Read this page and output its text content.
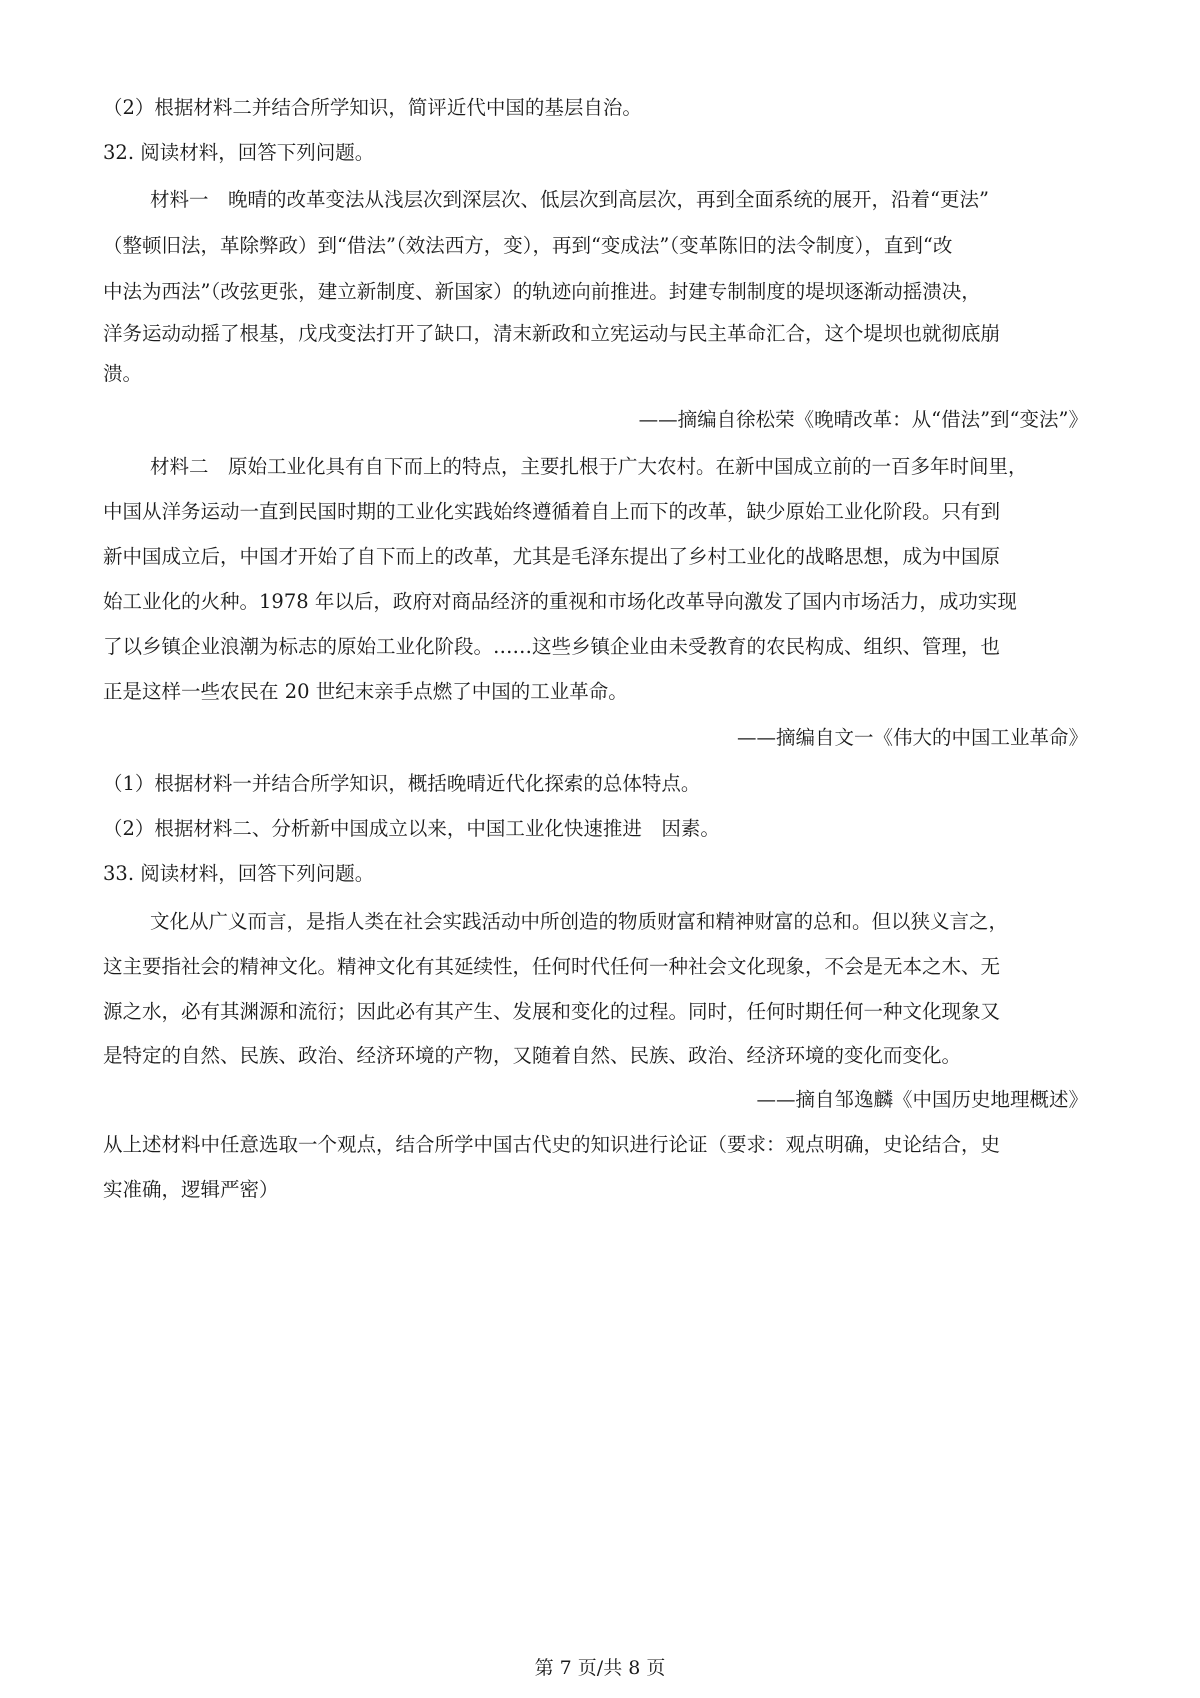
（2）根据材料二并结合所学知识，简评近代中国的基层自治。
32. 阅读材料，回答下列问题。
材料一　晚晴的改革变法从浅层次到深层次、低层次到高层次，再到全面系统的展开，沿着“更法”
（整顿旧法，革除弊政）到“借法”（效法西方，变），再到“变成法”（变革陈旧的法令制度），直到“改
中法为西法”（改弦更张，建立新制度、新国家）的轨迹向前推进。封建专制制度的堤坝逐渐动摇溃决，
洋务运动动摇了根基，戊戌变法打开了缺口，清末新政和立宪运动与民主革命汇合，这个堤坝也就彻底崩
溃。
——摘编自徐松荣《晚晴改革：从“借法”到“变法”》
材料二　原始工业化具有自下而上的特点，主要扎根于广大农村。在新中国成立前的一百多年时间里，
中国从洋务运动一直到民国时期的工业化实践始终遵循着自上而下的改革，缺少原始工业化阶段。只有到
新中国成立后，中国才开始了自下而上的改革，尤其是毛泽东提出了乡村工业化的战略思想，成为中国原
始工业化的火种。1978 年以后，政府对商品经济的重视和市场化改革导向激发了国内市场活力，成功实现
了以乡镇企业浪潮为标志的原始工业化阶段。……这些乡镇企业由未受教育的农民构成、组织、管理，也
正是这样一些农民在 20 世纪末亲手点燃了中国的工业革命。
——摘编自文一《伟大的中国工业革命》
（1）根据材料一并结合所学知识，概括晚晴近代化探索的总体特点。
（2）根据材料二、分析新中国成立以来，中国工业化快速推进　因素。
33. 阅读材料，回答下列问题。
文化从广义而言，是指人类在社会实践活动中所创造的物质财富和精神财富的总和。但以狭义言之，
这主要指社会的精神文化。精神文化有其延续性，任何时代任何一种社会文化现象，不会是无本之木、无
源之水，必有其渊源和流衍；因此必有其产生、发展和变化的过程。同时，任何时期任何一种文化现象又
是特定的自然、民族、政治、经济环境的产物，又随着自然、民族、政治、经济环境的变化而变化。
——摘自邹逸麟《中国历史地理概述》
从上述材料中任意选取一个观点，结合所学中国古代史的知识进行论证（要求：观点明确，史论结合，史
实准确，逻辑严密）
第 7 页/共 8 页
